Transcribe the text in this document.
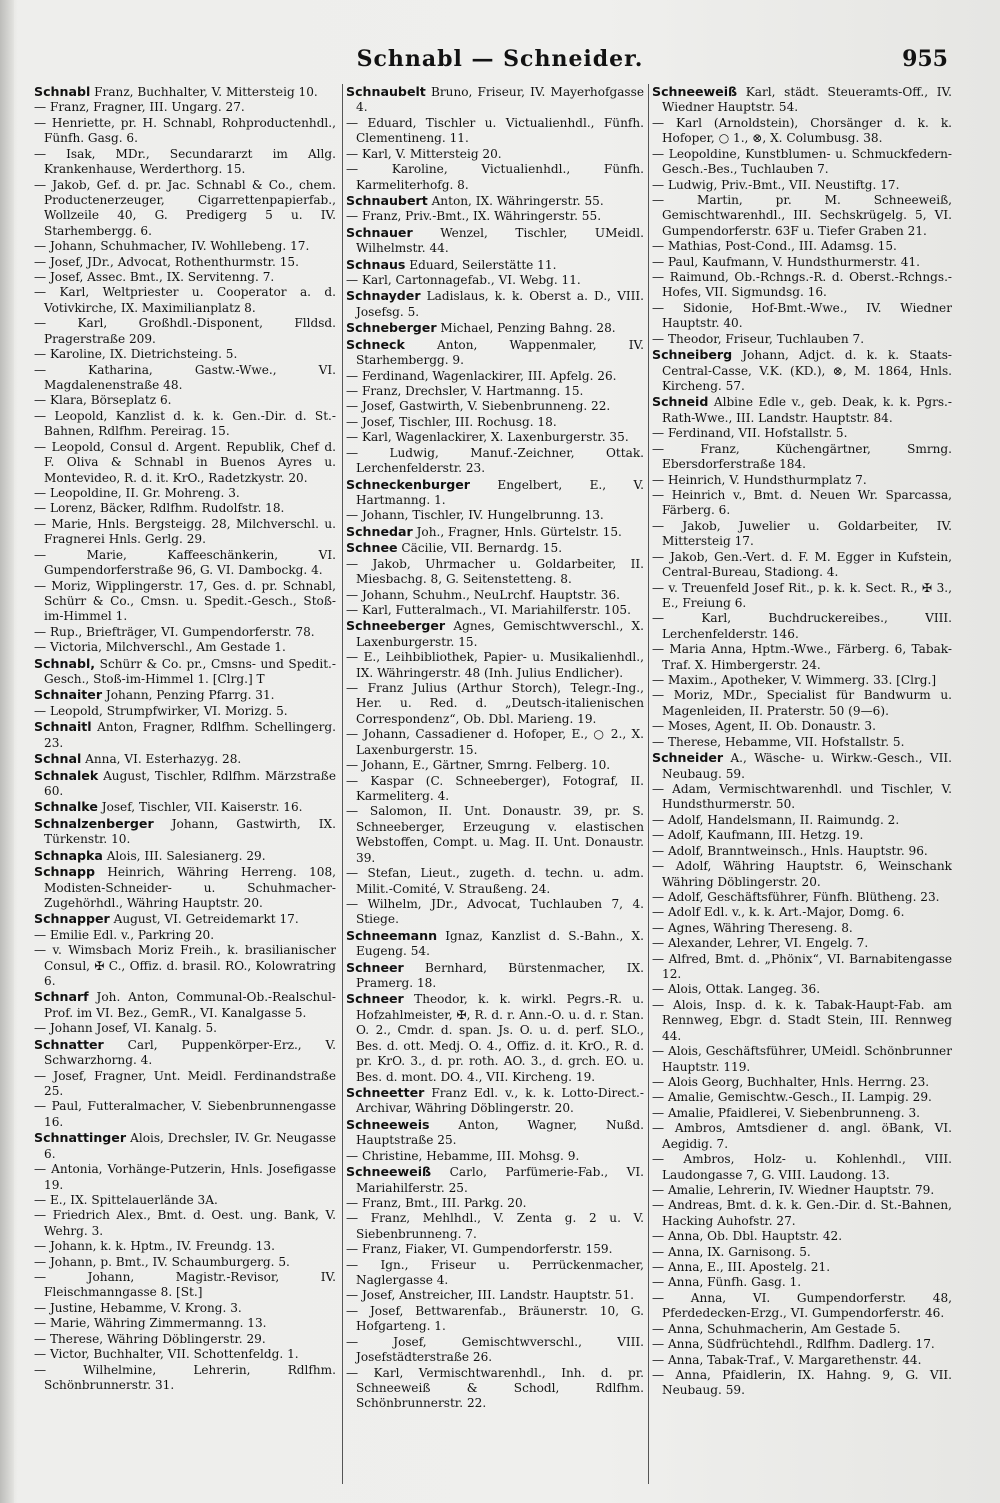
Schnabl — Schneider.	955
Schnabl Franz, Buchhalter, V. Mittersteig 10.
— Franz, Fragner, III. Ungarg. 27.
— Henriette, pr. H. Schnabl, Rohproductenhdl., Fünfh. Gasg. 6.
— Isak, MDr., Secundararzt im Allg. Krankenhause, Werderthorg. 15.
— Jakob, Gef. d. pr. Jac. Schnabl & Co., chem. Productenerzeuger, Cigarrettenpapierfab., Wollzeile 40, G. Predigerg 5 u. IV. Starhembergg. 6.
— Johann, Schuhmacher, IV. Wohllebeng. 17.
— Josef, JDr., Advocat, Rothenthurmstr. 15.
— Josef, Assec. Bmt., IX. Servitenng. 7.
— Karl, Weltpriester u. Cooperator a. d. Votivkirche, IX. Maximilianplatz 8.
— Karl, Großhdl.-Disponent, Flldsd. Pragerstraße 209.
— Karoline, IX. Dietrichsteing. 5.
— Katharina, Gastw.-Wwe., VI. Magdalenenstraße 48.
— Klara, Börseplatz 6.
— Leopold, Kanzlist d. k. k. Gen.-Dir. d. St.-Bahnen, Rdlfhm. Pereirag. 15.
— Leopold, Consul d. Argent. Republik, Chef d. F. Oliva & Schnabl in Buenos Ayres u. Montevideo, R. d. it. KrO., Radetzkystr. 20.
— Leopoldine, II. Gr. Mohreng. 3.
— Lorenz, Bäcker, Rdlfhm. Rudolfstr. 18.
— Marie, Hnls. Bergsteigg. 28, Milchverschl. u. Fragnerei Hnls. Gerlg. 29.
— Marie, Kaffeeschänkerin, VI. Gumpendorferstraße 96, G. VI. Dambockg. 4.
— Moriz, Wipplingerstr. 17, Ges. d. pr. Schnabl, Schürr & Co., Cmsn. u. Spedit.-Gesch., Stoß-im-Himmel 1.
— Rup., Briefträger, VI. Gumpendorferstr. 78.
— Victoria, Milchverschl., Am Gestade 1.
Schnabl, Schürr & Co. pr., Cmsns- und Spedit.-Gesch., Stoß-im-Himmel 1. [Clrg.] T
Schnaiter Johann, Penzing Pfarrg. 31.
— Leopold, Strumpfwirker, VI. Morizg. 5.
Schnaitl Anton, Fragner, Rdlfhm. Schellingerg. 23.
Schnal Anna, VI. Esterhazyg. 28.
Schnalek August, Tischler, Rdlfhm. Märzstraße 60.
Schnalke Josef, Tischler, VII. Kaiserstr. 16.
Schnalzenberger Johann, Gastwirth, IX. Türkenstr. 10.
Schnapka Alois, III. Salesianerg. 29.
Schnapp Heinrich, Währing Herreng. 108, Modisten-Schneider- u. Schuhmacher-Zugehörhdl., Währing Hauptstr. 20.
Schnapper August, VI. Getreidemarkt 17.
— Emilie Edl. v., Parkring 20.
— v. Wimsbach Moriz Freih., k. brasilianischer Consul, ✠ C., Offiz. d. brasil. RO., Kolowratring 6.
Schnarf Joh. Anton, Communal-Ob.-Realschul-Prof. im VI. Bez., GemR., VI. Kanalgasse 5.
— Johann Josef, VI. Kanalg. 5.
Schnatter Carl, Puppenkörper-Erz., V. Schwarzhorng. 4.
— Josef, Fragner, Unt. Meidl. Ferdinandstraße 25.
— Paul, Futteralmacher, V. Siebenbrunnengasse 16.
Schnattinger Alois, Drechsler, IV. Gr. Neugasse 6.
— Antonia, Vorhänge-Putzerin, Hnls. Josefigasse 19.
— E., IX. Spittelauerlände 3A.
— Friedrich Alex., Bmt. d. Oest. ung. Bank, V. Wehrg. 3.
— Johann, k. k. Hptm., IV. Freundg. 13.
— Johann, p. Bmt., IV. Schaumburgerg. 5.
— Johann, Magistr.-Revisor, IV. Fleischmanngasse 8. [St.]
— Justine, Hebamme, V. Krong. 3.
— Marie, Währing Zimmermanng. 13.
— Therese, Währing Döblingerstr. 29.
— Victor, Buchhalter, VII. Schottenfeldg. 1.
— Wilhelmine, Lehrerin, Rdlfhm. Schönbrunnerstr. 31.
Schnaubelt Bruno, Friseur, IV. Mayerhofgasse 4.
— Eduard, Tischler u. Victualienhdl., Fünfh. Clementineng. 11.
— Karl, V. Mittersteig 20.
— Karoline, Victualienhdl., Fünfh. Karmeliterhofg. 8.
Schnaubert Anton, IX. Währingerstr. 55.
— Franz, Priv.-Bmt., IX. Währingerstr. 55.
Schnauer Wenzel, Tischler, UMeidl. Wilhelmstr. 44.
Schnaus Eduard, Seilerstätte 11.
— Karl, Cartonnagefab., VI. Webg. 11.
Schnayder Ladislaus, k. k. Oberst a. D., VIII. Josefsg. 5.
Schneberger Michael, Penzing Bahng. 28.
Schneck Anton, Wappenmaler, IV. Starhembergg. 9.
— Ferdinand, Wagenlackirer, III. Apfelg. 26.
— Franz, Drechsler, V. Hartmanng. 15.
— Josef, Gastwirth, V. Siebenbrunneng. 22.
— Josef, Tischler, III. Rochusg. 18.
— Karl, Wagenlackirer, X. Laxenburgerstr. 35.
— Ludwig, Manuf.-Zeichner, Ottak. Lerchenfelderstr. 23.
Schneckenburger Engelbert, E., V. Hartmanng. 1.
— Johann, Tischler, IV. Hungelbrunng. 13.
Schnedar Joh., Fragner, Hnls. Gürtelstr. 15.
Schnee Cäcilie, VII. Bernardg. 15.
— Jakob, Uhrmacher u. Goldarbeiter, II. Miesbachg. 8, G. Seitenstetteng. 8.
— Johann, Schuhm., NeuLrchf. Hauptstr. 36.
— Karl, Futteralmach., VI. Mariahilferstr. 105.
Schneeberger Agnes, Gemischtwverschl., X. Laxenburgerstr. 15.
— E., Leihbibliothek, Papier- u. Musikalienhdl., IX. Währingerstr. 48 (Inh. Julius Endlicher).
— Franz Julius (Arthur Storch), Telegr.-Ing., Her. u. Red. d. „Deutsch-italienischen Correspondenz“, Ob. Dbl. Marieng. 19.
— Johann, Cassadiener d. Hofoper, E., ○ 2., X. Laxenburgerstr. 15.
— Johann, E., Gärtner, Smrng. Felberg. 10.
— Kaspar (C. Schneeberger), Fotograf, II. Karmeliterg. 4.
— Salomon, II. Unt. Donaustr. 39, pr. S. Schneeberger, Erzeugung v. elastischen Webstoffen, Compt. u. Mag. II. Unt. Donaustr. 39.
— Stefan, Lieut., zugeth. d. techn. u. adm. Milit.-Comité, V. Straußeng. 24.
— Wilhelm, JDr., Advocat, Tuchlauben 7, 4. Stiege.
Schneemann Ignaz, Kanzlist d. S.-Bahn., X. Eugeng. 54.
Schneer Bernhard, Bürstenmacher, IX. Pramerg. 18.
Schneer Theodor, k. k. wirkl. Pegrs.-R. u. Hofzahlmeister, ✠, R. d. r. Ann.-O. u. d. r. Stan. O. 2., Cmdr. d. span. Js. O. u. d. perf. SLO., Bes. d. ott. Medj. O. 4., Offiz. d. it. KrO., R. d. pr. KrO. 3., d. pr. roth. AO. 3., d. grch. EO. u. Bes. d. mont. DO. 4., VII. Kircheng. 19.
Schneetter Franz Edl. v., k. k. Lotto-Direct.-Archivar, Währing Döblingerstr. 20.
Schneeweis Anton, Wagner, Nußd. Hauptstraße 25.
— Christine, Hebamme, III. Mohsg. 9.
Schneeweiß Carlo, Parfümerie-Fab., VI. Mariahilferstr. 25.
— Franz, Bmt., III. Parkg. 20.
— Franz, Mehlhdl., V. Zenta g. 2 u. V. Siebenbrunneng. 7.
— Franz, Fiaker, VI. Gumpendorferstr. 159.
— Ign., Friseur u. Perrückenmacher, Naglergasse 4.
— Josef, Anstreicher, III. Landstr. Hauptstr. 51.
— Josef, Bettwarenfab., Bräunerstr. 10, G. Hofgarteng. 1.
— Josef, Gemischtwverschl., VIII. Josefstädterstraße 26.
— Karl, Vermischtwarenhdl., Inh. d. pr. Schneeweiß & Schodl, Rdlfhm. Schönbrunnerstr. 22.
Schneeweiß Karl, städt. Steueramts-Off., IV. Wiedner Hauptstr. 54.
— Karl (Arnoldstein), Chorsänger d. k. k. Hofoper, ○ 1., ⊗, X. Columbusg. 38.
— Leopoldine, Kunstblumen- u. Schmuckfedern-Gesch.-Bes., Tuchlauben 7.
— Ludwig, Priv.-Bmt., VII. Neustiftg. 17.
— Martin, pr. M. Schneeweiß, Gemischtwarenhdl., III. Sechskrügelg. 5, VI. Gumpendorferstr. 63F u. Tiefer Graben 21.
— Mathias, Post-Cond., III. Adamsg. 15.
— Paul, Kaufmann, V. Hundsthurmerstr. 41.
— Raimund, Ob.-Rchngs.-R. d. Oberst.-Rchngs.-Hofes, VII. Sigmundsg. 16.
— Sidonie, Hof-Bmt.-Wwe., IV. Wiedner Hauptstr. 40.
— Theodor, Friseur, Tuchlauben 7.
Schneiberg Johann, Adjct. d. k. k. Staats-Central-Casse, V.K. (KD.), ⊗, M. 1864, Hnls. Kircheng. 57.
Schneid Albine Edle v., geb. Deak, k. k. Pgrs.-Rath-Wwe., III. Landstr. Hauptstr. 84.
— Ferdinand, VII. Hofstallstr. 5.
— Franz, Küchengärtner, Smrng. Ebersdorferstraße 184.
— Heinrich, V. Hundsthurmplatz 7.
— Heinrich v., Bmt. d. Neuen Wr. Sparcassa, Färberg. 6.
— Jakob, Juwelier u. Goldarbeiter, IV. Mittersteig 17.
— Jakob, Gen.-Vert. d. F. M. Egger in Kufstein, Central-Bureau, Stadiong. 4.
— v. Treuenfeld Josef Rit., p. k. k. Sect. R., ✠ 3., E., Freiung 6.
— Karl, Buchdruckereibes., VIII. Lerchenfelderstr. 146.
— Maria Anna, Hptm.-Wwe., Färberg. 6, Tabak-Traf. X. Himbergerstr. 24.
— Maxim., Apotheker, V. Wimmerg. 33. [Clrg.]
— Moriz, MDr., Specialist für Bandwurm u. Magenleiden, II. Praterstr. 50 (9—6).
— Moses, Agent, II. Ob. Donaustr. 3.
— Therese, Hebamme, VII. Hofstallstr. 5.
Schneider A., Wäsche- u. Wirkw.-Gesch., VII. Neubaug. 59.
— Adam, Vermischtwarenhdl. und Tischler, V. Hundsthurmerstr. 50.
— Adolf, Handelsmann, II. Raimundg. 2.
— Adolf, Kaufmann, III. Hetzg. 19.
— Adolf, Branntweinsch., Hnls. Hauptstr. 96.
— Adolf, Währing Hauptstr. 6, Weinschank Währing Döblingerstr. 20.
— Adolf, Geschäftsführer, Fünfh. Blütheng. 23.
— Adolf Edl. v., k. k. Art.-Major, Domg. 6.
— Agnes, Währing Thereseng. 8.
— Alexander, Lehrer, VI. Engelg. 7.
— Alfred, Bmt. d. „Phönix“, VI. Barnabitengasse 12.
— Alois, Ottak. Langeg. 36.
— Alois, Insp. d. k. k. Tabak-Haupt-Fab. am Rennweg, Ebgr. d. Stadt Stein, III. Rennweg 44.
— Alois, Geschäftsführer, UMeidl. Schönbrunner Hauptstr. 119.
— Alois Georg, Buchhalter, Hnls. Herrng. 23.
— Amalie, Gemischtw.-Gesch., II. Lampig. 29.
— Amalie, Pfaidlerei, V. Siebenbrunneng. 3.
— Ambros, Amtsdiener d. angl. öBank, VI. Aegidig. 7.
— Ambros, Holz- u. Kohlenhdl., VIII. Laudongasse 7, G. VIII. Laudong. 13.
— Amalie, Lehrerin, IV. Wiedner Hauptstr. 79.
— Andreas, Bmt. d. k. k. Gen.-Dir. d. St.-Bahnen, Hacking Auhofstr. 27.
— Anna, Ob. Dbl. Hauptstr. 42.
— Anna, IX. Garnisong. 5.
— Anna, E., III. Apostelg. 21.
— Anna, Fünfh. Gasg. 1.
— Anna, VI. Gumpendorferstr. 48, Pferdedecken-Erzg., VI. Gumpendorferstr. 46.
— Anna, Schuhmacherin, Am Gestade 5.
— Anna, Südfrüchtehdl., Rdlfhm. Dadlerg. 17.
— Anna, Tabak-Traf., V. Margarethenstr. 44.
— Anna, Pfaidlerin, IX. Hahng. 9, G. VII. Neubaug. 59.
